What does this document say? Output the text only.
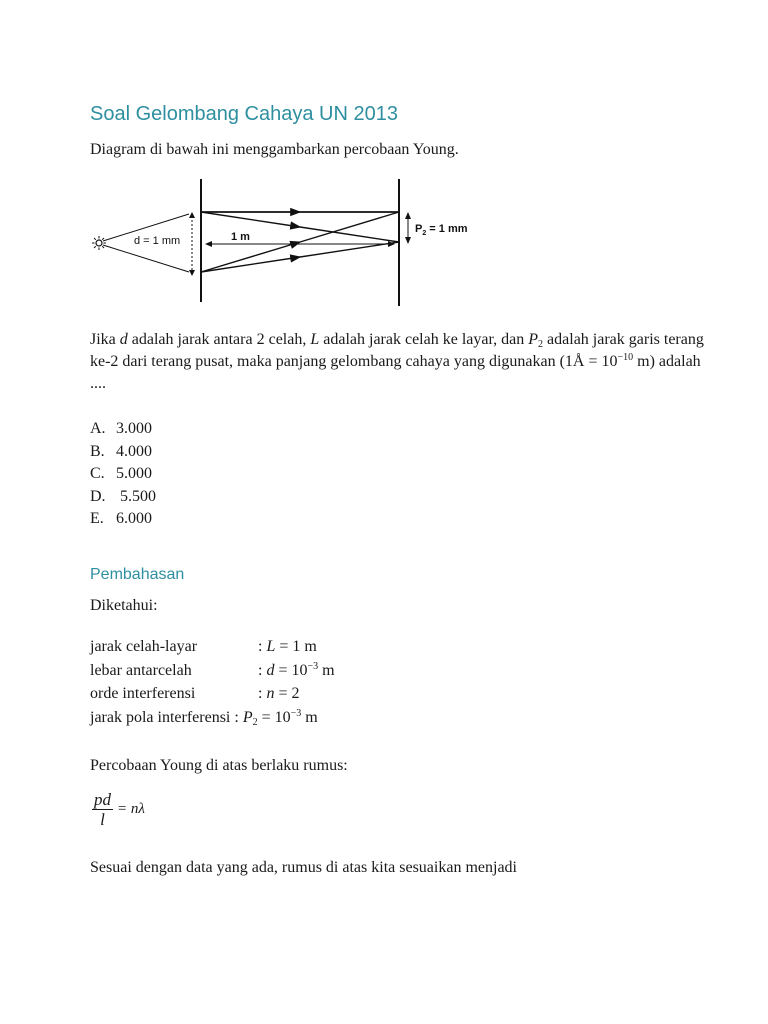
Soal Gelombang Cahaya UN 2013
Diagram di bawah ini menggambarkan percobaan Young.
d = 1 mm	1 m
$P_2 = 1$ mm
Jika d adalah jarak antara 2 celah, L adalah jarak celah ke layar, dan $P_2$ adalah jarak garis terang ke-2 dari terang pusat, maka panjang gelombang cahaya yang digunakan (1Å = $10^{-10}$ m) adalah ....
A. 3.000
B. 4.000
C. 5.000
D. 5.500
E. 6.000
Pembahasan
Diketahui:
jarak celah-layar	: L = 1 m
lebar antarcelah	: $d = 10^{-3}$ m
orde interferensi	: n = 2
jarak pola interferensi : $P_2 = 10^{-3}$ m
Percobaan Young di atas berlaku rumus:
$\frac{pd}{l} = n\lambda$
Sesuai dengan data yang ada, rumus di atas kita sesuaikan menjadi
